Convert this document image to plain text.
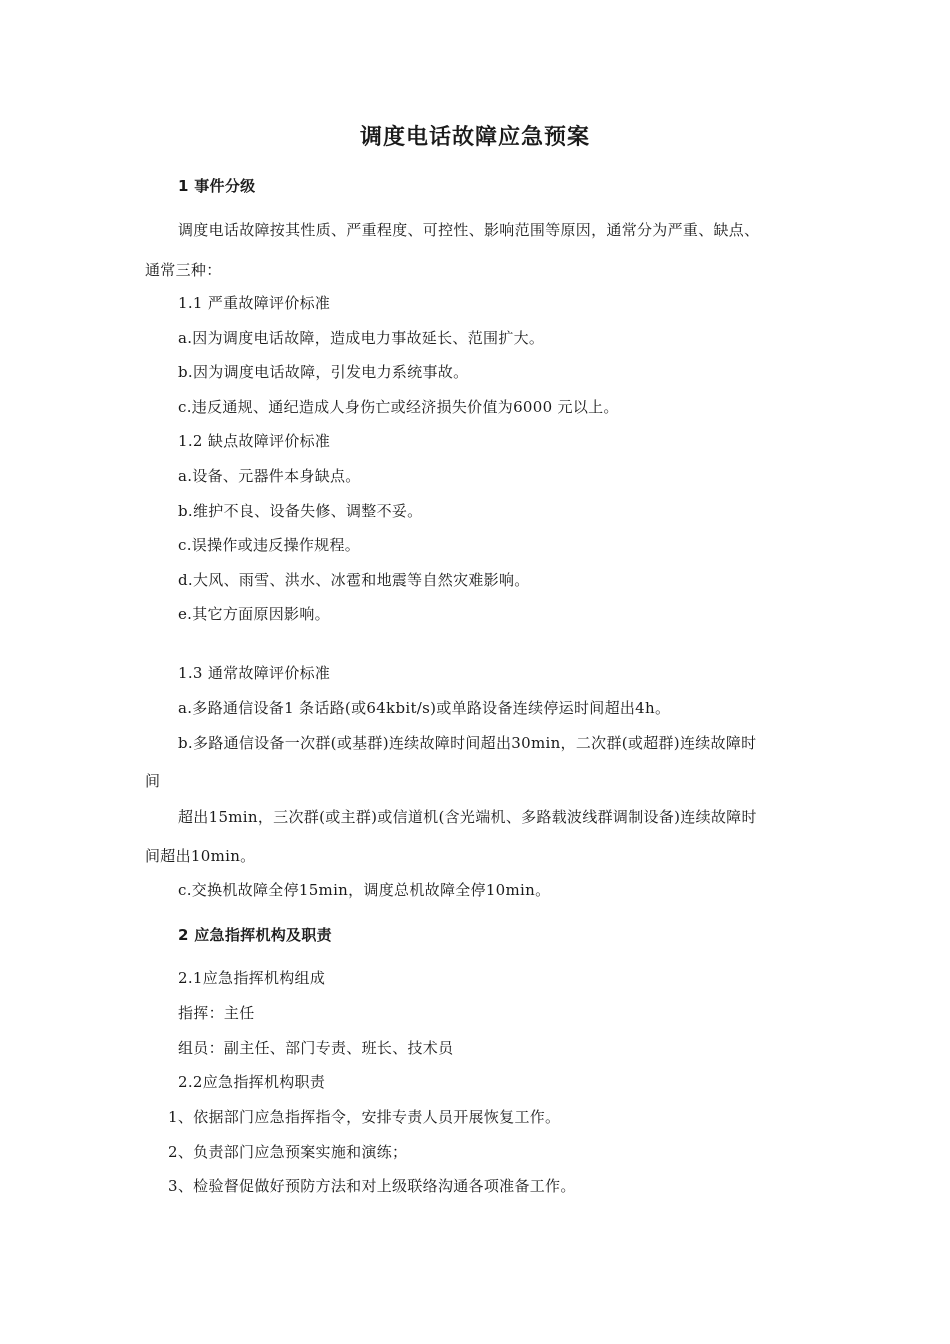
调度电话故障应急预案
1 事件分级
调度电话故障按其性质、严重程度、可控性、影响范围等原因，通常分为严重、缺点、
通常三种：
1.1 严重故障评价标准
a.因为调度电话故障，造成电力事故延长、范围扩大。
b.因为调度电话故障，引发电力系统事故。
c.违反通规、通纪造成人身伤亡或经济损失价值为6000 元以上。
1.2 缺点故障评价标准
a.设备、元器件本身缺点。
b.维护不良、设备失修、调整不妥。
c.误操作或违反操作规程。
d.大风、雨雪、洪水、冰雹和地震等自然灾难影响。
e.其它方面原因影响。
1.3 通常故障评价标准
a.多路通信设备1 条话路(或64kbit/s)或单路设备连续停运时间超出4h。
b.多路通信设备一次群(或基群)连续故障时间超出30min，二次群(或超群)连续故障时
间
超出15min，三次群(或主群)或信道机(含光端机、多路载波线群调制设备)连续故障时
间超出10min。
c.交换机故障全停15min，调度总机故障全停10min。
2 应急指挥机构及职责
2.1应急指挥机构组成
指挥：主任
组员：副主任、部门专责、班长、技术员
2.2应急指挥机构职责
1、依据部门应急指挥指令，安排专责人员开展恢复工作。
2、负责部门应急预案实施和演练；
3、检验督促做好预防方法和对上级联络沟通各项准备工作。
